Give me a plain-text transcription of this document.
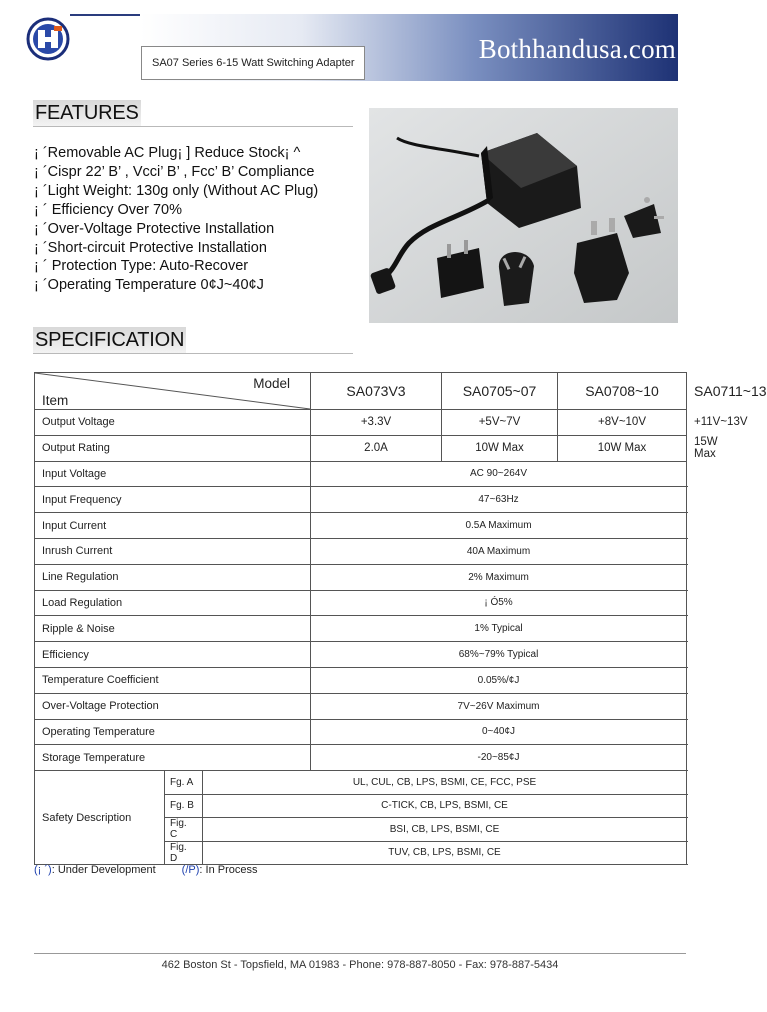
SA07 Series 6-15 Watt Switching Adapter	Bothhandusa.com
FEATURES
¡ ´Removable AC Plug¡ ] Reduce Stock¡ ^
¡ ´Cispr 22’ B’ , Vcci’ B’ , Fcc’ B’ Compliance
¡ ´Light Weight: 130g only (Without AC Plug)
¡ ´ Efficiency Over 70%
¡ ´Over-Voltage Protective Installation
¡ ´Short-circuit Protective Installation
¡ ´ Protection Type: Auto-Recover
¡ ´Operating Temperature 0¢J~40¢J
SPECIFICATION
Model
Item			SA073V3	SA0705~07	SA0708~10	SA0711~13
Output Voltage			+3.3V	+5V~7V	+8V~10V	+11V~13V
Output Rating			2.0A	10W Max	10W Max	15W Max
Input Voltage			AC 90~264V			
Input Frequency			47~63Hz			
Input Current			0.5A Maximum			
Inrush Current			40A Maximum			
Line Regulation			2% Maximum			
Load Regulation			¡ Ó5%			
Ripple & Noise			1% Typical			
Efficiency			68%~79% Typical			
Temperature Coefficient			0.05%/¢J			
Over-Voltage Protection			7V~26V Maximum			
Operating Temperature			0~40¢J			
Storage Temperature			-20~85¢J			
Safety Description	Fg. A	UL, CUL, CB, LPS, BSMI, CE, FCC, PSE				
	Fg. B	C-TICK, CB, LPS, BSMI, CE				
	Fig. C	BSI, CB, LPS, BSMI, CE				
	Fig. D	TUV, CB, LPS, BSMI, CE				
(¡ ´): Under Development (/P): In Process
462 Boston St - Topsfield, MA 01983 - Phone: 978-887-8050 - Fax: 978-887-5434
